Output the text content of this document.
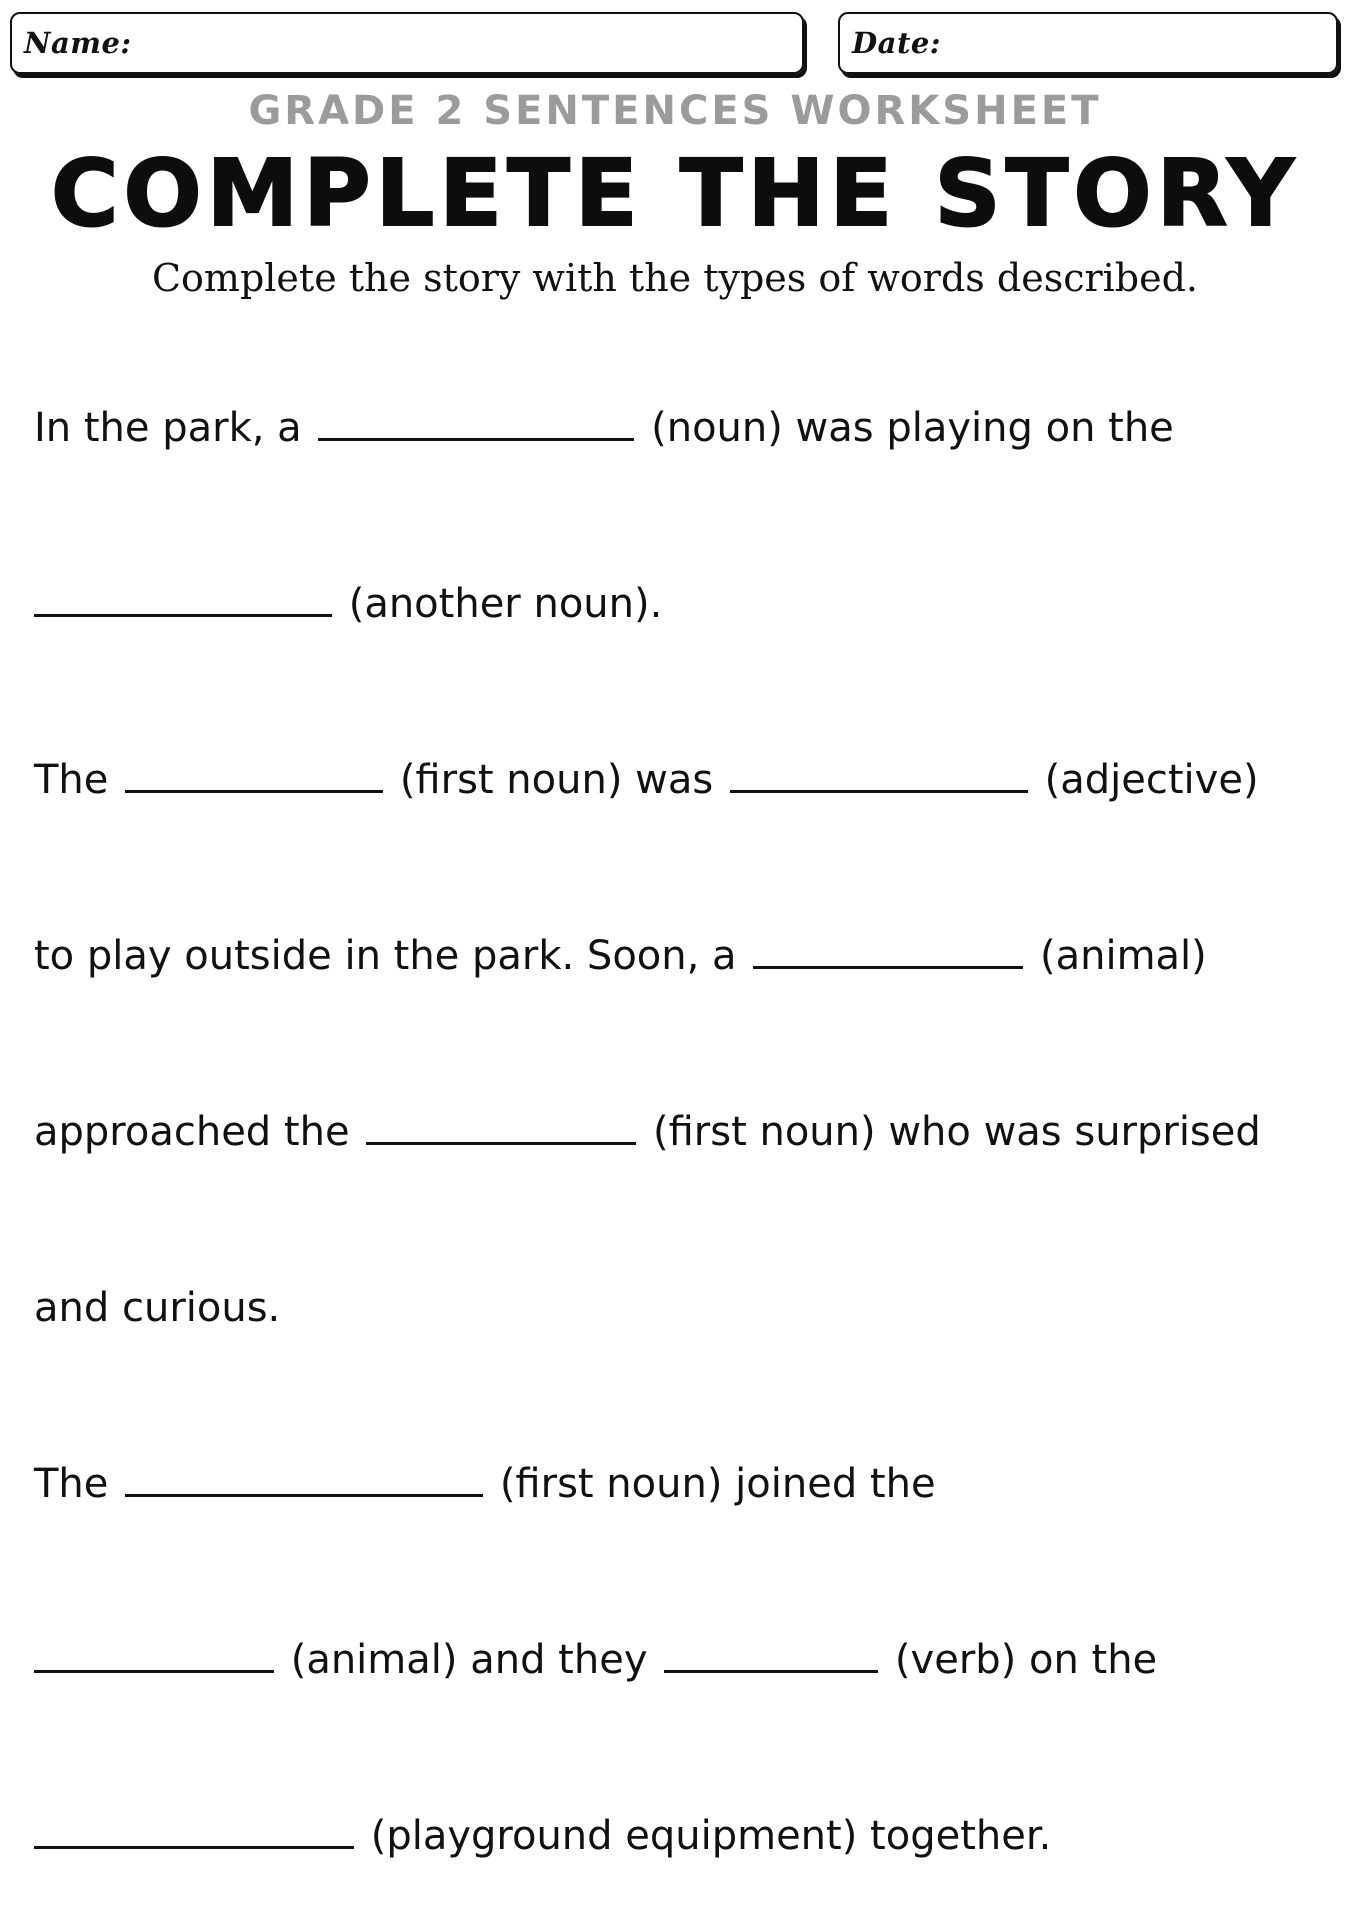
Name:	Date:
GRADE 2 SENTENCES WORKSHEET
COMPLETE THE STORY
Complete the story with the types of words described.
In the park, a	(noun) was playing on the
(another noun).
The	(first noun) was	(adjective)
to play outside in the park. Soon, a	(animal)
approached the	(first noun) who was surprised
and curious.
The	(first noun) joined the
(animal) and they	(verb) on the
(playground equipment) together.
